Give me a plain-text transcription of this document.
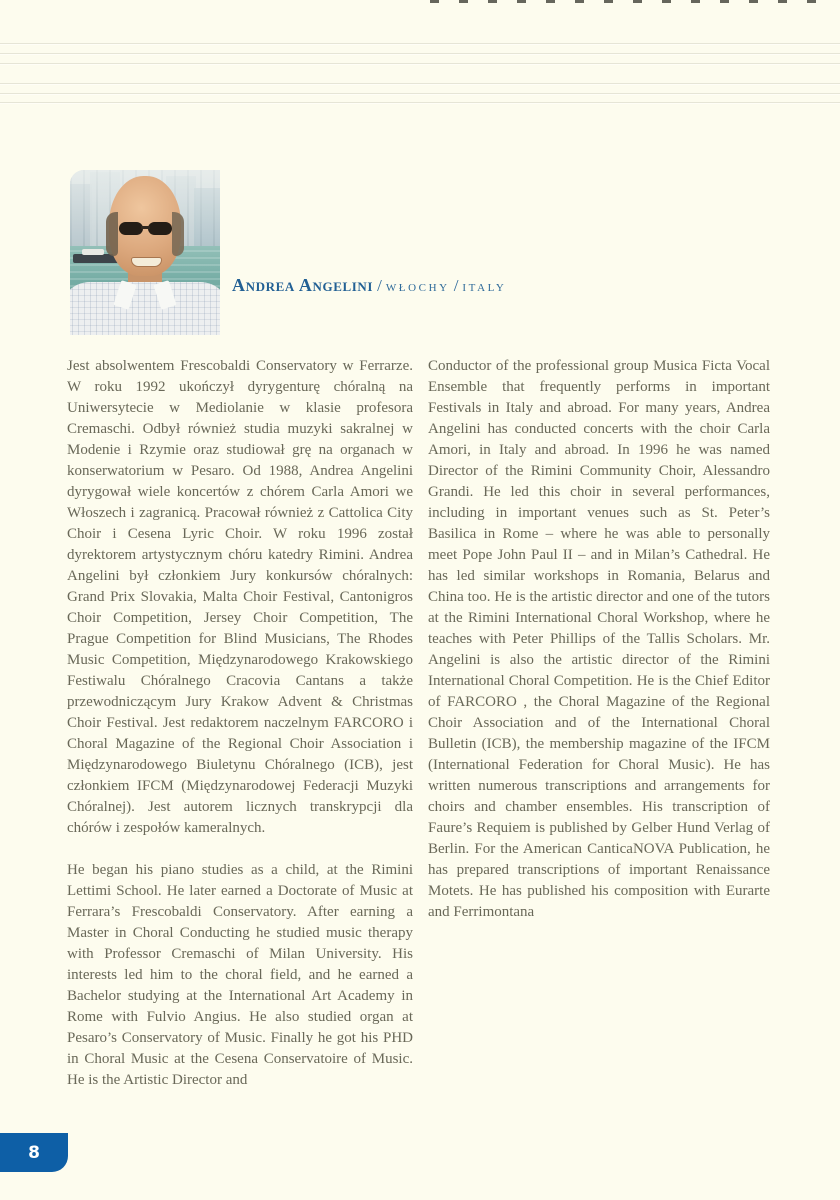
Andrea Angelini / włochy / italy

Jest absolwentem Frescobaldi Conservatory w Ferrarze. W roku 1992 ukończył dyrygenturę chóralną na Uniwersytecie w Mediolanie w klasie profesora Cremaschi. Odbył również studia muzyki sakralnej w Modenie i Rzymie oraz studiował grę na organach w konserwatorium w Pesaro. Od 1988, Andrea Angelini dyrygował wiele koncertów z chórem Carla Amori we Włoszech i zagranicą. Pracował również z Cattolica City Choir i Cesena Lyric Choir. W roku 1996 został dyrektorem artystycznym chóru katedry Rimini. Andrea Angelini był członkiem Jury konkursów chóralnych: Grand Prix Slovakia, Malta Choir Festival, Cantonigros Choir Competition, Jersey Choir Competition, The Prague Competition for Blind Musicians, The Rhodes Music Competition, Międzynarodowego Krakowskiego Festiwalu Chóralnego Cracovia Cantans a także przewodniczącym Jury Krakow Advent & Christmas Choir Festival. Jest redaktorem naczelnym FARCORO i Choral Magazine of the Regional Choir Association i Międzynarodowego Biuletynu Chóralnego (ICB), jest członkiem IFCM (Międzynarodowej Federacji Muzyki Chóralnej). Jest autorem licznych transkrypcji dla chórów i zespołów kameralnych.

He began his piano studies as a child, at the Rimini Lettimi School. He later earned a Doctorate of Music at Ferrara’s Frescobaldi Conservatory. After earning a Master in Choral Conducting he studied music therapy with Professor Cremaschi of Milan University. His interests led him to the choral field, and he earned a Bachelor studying at the International Art Academy in Rome with Fulvio Angius. He also studied organ at Pesaro’s Conservatory of Music. Finally he got his PHD in Choral Music at the Cesena Conservatoire of Music. He is the Artistic Director and

Conductor of the professional group Musica Ficta Vocal Ensemble that frequently performs in important Festivals in Italy and abroad. For many years, Andrea Angelini has conducted concerts with the choir Carla Amori, in Italy and abroad. In 1996 he was named Director of the Rimini Community Choir, Alessandro Grandi. He led this choir in several performances, including in important venues such as St. Peter’s Basilica in Rome – where he was able to personally meet Pope John Paul II – and in Milan’s Cathedral. He has led similar workshops in Romania, Belarus and China too. He is the artistic director and one of the tutors at the Rimini International Choral Workshop, where he teaches with Peter Phillips of the Tallis Scholars. Mr. Angelini is also the artistic director of the Rimini International Choral Competition. He is the Chief Editor of FARCORO , the Choral Magazine of the Regional Choir Association and of the International Choral Bulletin (ICB), the membership magazine of the IFCM (International Federation for Choral Music). He has written numerous transcriptions and arrangements for choirs and chamber ensembles. His transcription of Faure’s Requiem is published by Gelber Hund Verlag of Berlin. For the American CanticaNOVA Publication, he has prepared transcriptions of important Renaissance Motets. He has published his composition with Eurarte and Ferrimontana

8
